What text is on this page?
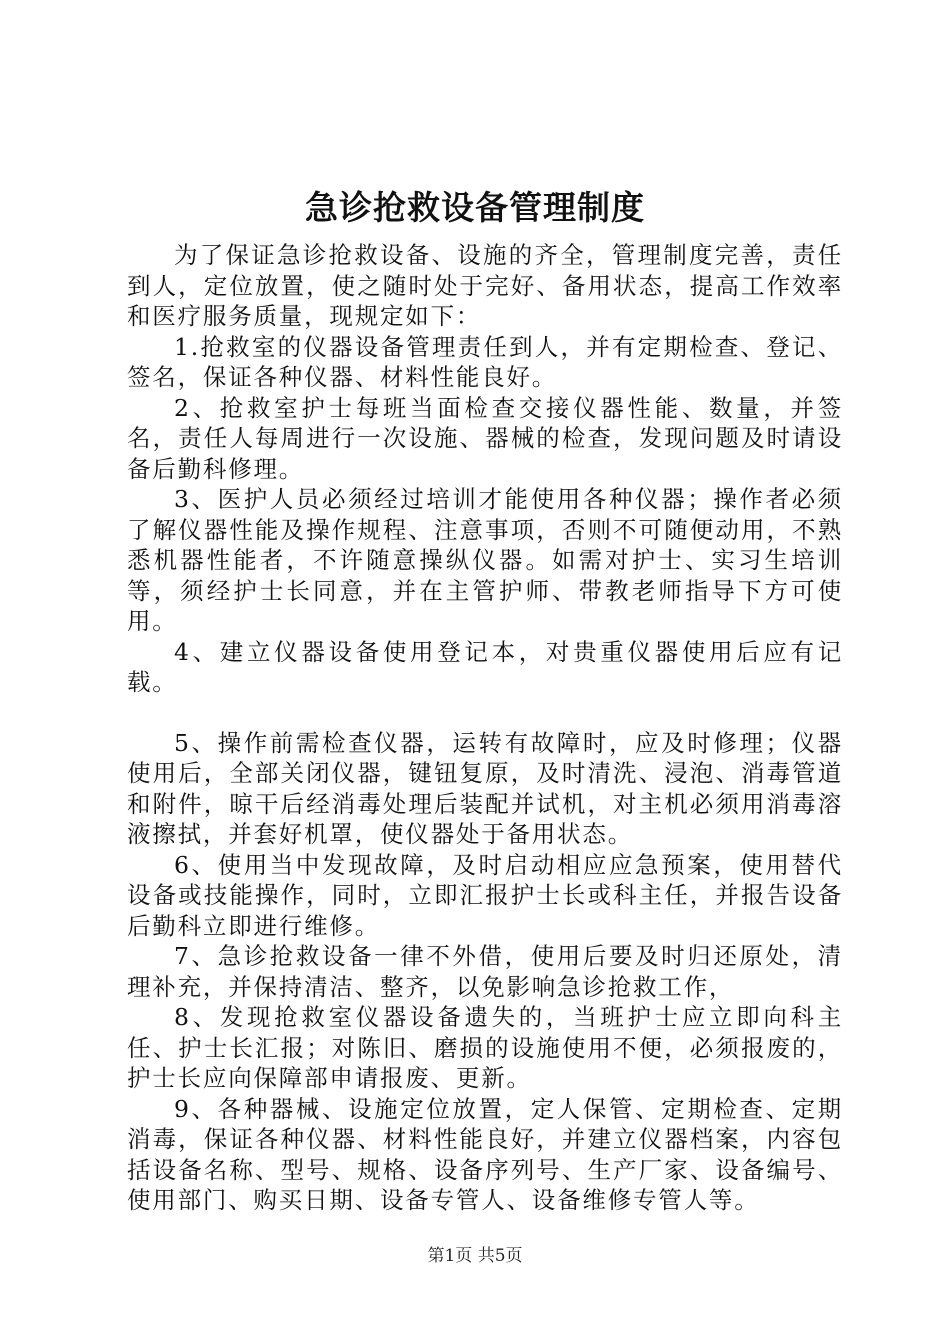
急诊抢救设备管理制度

为了保证急诊抢救设备、设施的齐全，管理制度完善，责任到人，定位放置，使之随时处于完好、备用状态，提高工作效率和医疗服务质量，现规定如下：

1.抢救室的仪器设备管理责任到人，并有定期检查、登记、签名，保证各种仪器、材料性能良好。

2、抢救室护士每班当面检查交接仪器性能、数量，并签名，责任人每周进行一次设施、器械的检查，发现问题及时请设备后勤科修理。

3、医护人员必须经过培训才能使用各种仪器；操作者必须了解仪器性能及操作规程、注意事项，否则不可随便动用，不熟悉机器性能者，不许随意操纵仪器。如需对护士、实习生培训等，须经护士长同意，并在主管护师、带教老师指导下方可使用。

4、建立仪器设备使用登记本，对贵重仪器使用后应有记载。

5、操作前需检查仪器，运转有故障时，应及时修理；仪器使用后，全部关闭仪器，键钮复原，及时清洗、浸泡、消毒管道和附件，晾干后经消毒处理后装配并试机，对主机必须用消毒溶液擦拭，并套好机罩，使仪器处于备用状态。

6、使用当中发现故障，及时启动相应应急预案，使用替代设备或技能操作，同时，立即汇报护士长或科主任，并报告设备后勤科立即进行维修。

7、急诊抢救设备一律不外借，使用后要及时归还原处，清理补充，并保持清洁、整齐，以免影响急诊抢救工作，

8、发现抢救室仪器设备遗失的，当班护士应立即向科主任、护士长汇报；对陈旧、磨损的设施使用不便，必须报废的，护士长应向保障部申请报废、更新。

9、各种器械、设施定位放置，定人保管、定期检查、定期消毒，保证各种仪器、材料性能良好，并建立仪器档案，内容包括设备名称、型号、规格、设备序列号、生产厂家、设备编号、使用部门、购买日期、设备专管人、设备维修专管人等。

第1页 共5页
